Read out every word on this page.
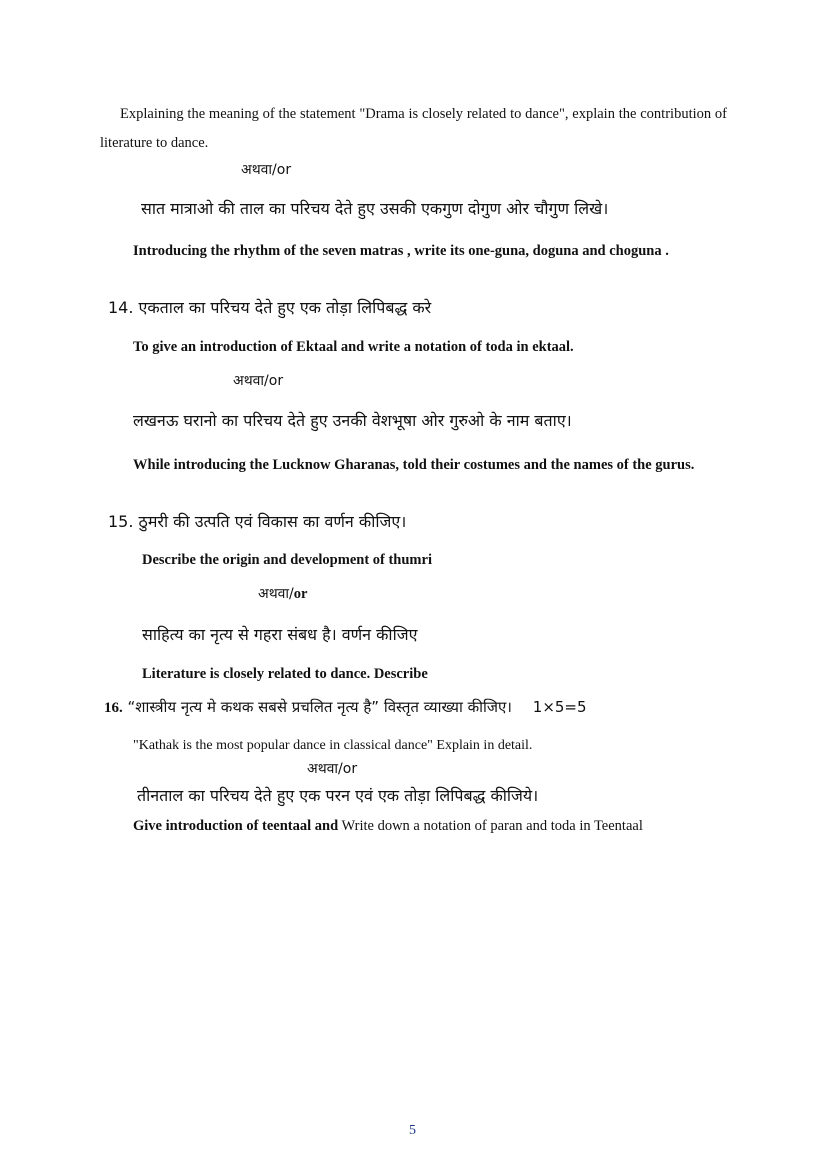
Explaining the meaning of the statement "Drama is closely related to dance", explain the contribution of literature to dance.
अथवा/or
सात मात्राओ की ताल का परिचय देते हुए उसकी एकगुण दोगुण ओर चौगुण लिखे।
Introducing the rhythm of the seven matras , write its one-guna, doguna and choguna .
14. एकताल का परिचय देते हुए एक तोड़ा लिपिबद्ध करे
To give an introduction of Ektaal and write a notation of toda in ektaal.
अथवा/or
लखनऊ घरानो का परिचय देते हुए उनकी वेशभूषा ओर गुरुओ के नाम बताए।
While introducing the Lucknow Gharanas, told their costumes and the names of the gurus.
15. ठुमरी की उत्पति एवं विकास का वर्णन कीजिए।
Describe the origin and development of thumri
अथवा/or
साहित्य का नृत्य से गहरा संबध है। वर्णन कीजिए
Literature is closely related to dance. Describe
16. “शास्त्रीय नृत्य मे कथक सबसे प्रचलित नृत्य है” विस्तृत व्याख्या कीजिए। 1×5=5
"Kathak is the most popular dance in classical dance" Explain in detail.
अथवा/or
तीनताल का परिचय देते हुए एक परन एवं एक तोड़ा लिपिबद्ध कीजिये।
Give introduction of teentaal and Write down a notation of paran and toda in Teentaal
5
